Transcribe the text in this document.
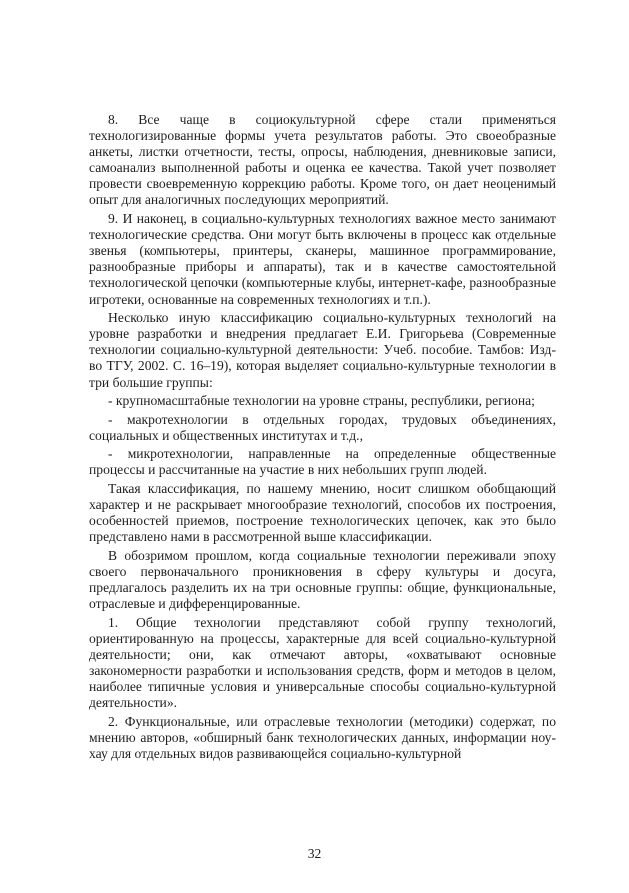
8. Все чаще в социокультурной сфере стали применяться технологизированные формы учета результатов работы. Это своеобразные анкеты, листки отчетности, тесты, опросы, наблюдения, дневниковые записи, самоанализ выполненной работы и оценка ее качества. Такой учет позволяет провести своевременную коррекцию работы. Кроме того, он дает неоценимый опыт для аналогичных последующих мероприятий.

9. И наконец, в социально-культурных технологиях важное место занимают технологические средства. Они могут быть включены в процесс как отдельные звенья (компьютеры, принтеры, сканеры, машинное программирование, разнообразные приборы и аппараты), так и в качестве самостоятельной технологической цепочки (компьютерные клубы, интернет-кафе, разнообразные игротеки, основанные на современных технологиях и т.п.).

Несколько иную классификацию социально-культурных технологий на уровне разработки и внедрения предлагает Е.И. Григорьева (Современные технологии социально-культурной деятельности: Учеб. пособие. Тамбов: Изд-во ТГУ, 2002. С. 16–19), которая выделяет социально-культурные технологии в три большие группы:

- крупномасштабные технологии на уровне страны, республики, региона;

- макротехнологии в отдельных городах, трудовых объединениях, социальных и общественных институтах и т.д.,

- микротехнологии, направленные на определенные общественные процессы и рассчитанные на участие в них небольших групп людей.

Такая классификация, по нашему мнению, носит слишком обобщающий характер и не раскрывает многообразие технологий, способов их построения, особенностей приемов, построение технологических цепочек, как это было представлено нами в рассмотренной выше классификации.

В обозримом прошлом, когда социальные технологии переживали эпоху своего первоначального проникновения в сферу культуры и досуга, предлагалось разделить их на три основные группы: общие, функциональные, отраслевые и дифференцированные.

1. Общие технологии представляют собой группу технологий, ориентированную на процессы, характерные для всей социально-культурной деятельности; они, как отмечают авторы, «охватывают основные закономерности разработки и использования средств, форм и методов в целом, наиболее типичные условия и универсальные способы социально-культурной деятельности».

2. Функциональные, или отраслевые технологии (методики) содержат, по мнению авторов, «обширный банк технологических данных, информации ноу-хау для отдельных видов развивающейся социально-культурной

32
